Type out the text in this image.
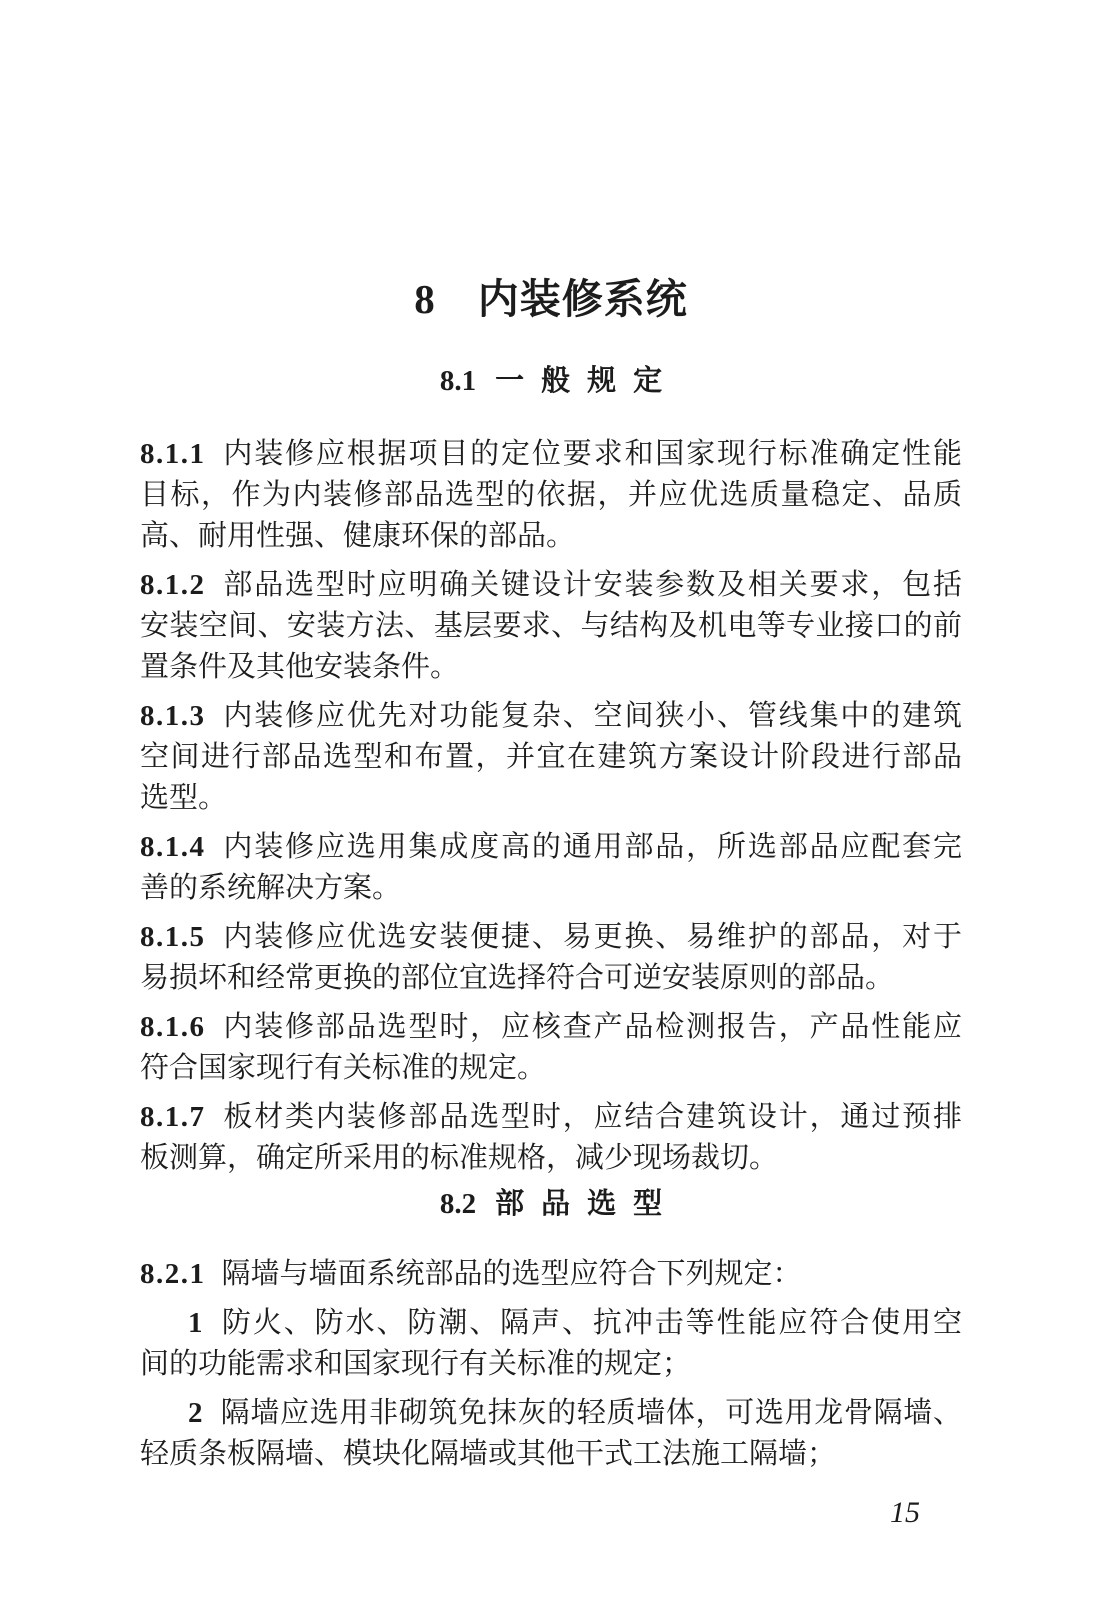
8 内装修系统
8.1 一般规定
8.1.1 内装修应根据项目的定位要求和国家现行标准确定性能
目标，作为内装修部品选型的依据，并应优选质量稳定、品质
高、耐用性强、健康环保的部品。
8.1.2 部品选型时应明确关键设计安装参数及相关要求，包括
安装空间、安装方法、基层要求、与结构及机电等专业接口的前
置条件及其他安装条件。
8.1.3 内装修应优先对功能复杂、空间狭小、管线集中的建筑
空间进行部品选型和布置，并宜在建筑方案设计阶段进行部品
选型。
8.1.4 内装修应选用集成度高的通用部品，所选部品应配套完
善的系统解决方案。
8.1.5 内装修应优选安装便捷、易更换、易维护的部品，对于
易损坏和经常更换的部位宜选择符合可逆安装原则的部品。
8.1.6 内装修部品选型时，应核查产品检测报告，产品性能应
符合国家现行有关标准的规定。
8.1.7 板材类内装修部品选型时，应结合建筑设计，通过预排
板测算，确定所采用的标准规格，减少现场裁切。
8.2 部品选型
8.2.1 隔墙与墙面系统部品的选型应符合下列规定：
1 防火、防水、防潮、隔声、抗冲击等性能应符合使用空
间的功能需求和国家现行有关标准的规定；
2 隔墙应选用非砌筑免抹灰的轻质墙体，可选用龙骨隔墙、
轻质条板隔墙、模块化隔墙或其他干式工法施工隔墙；
15
